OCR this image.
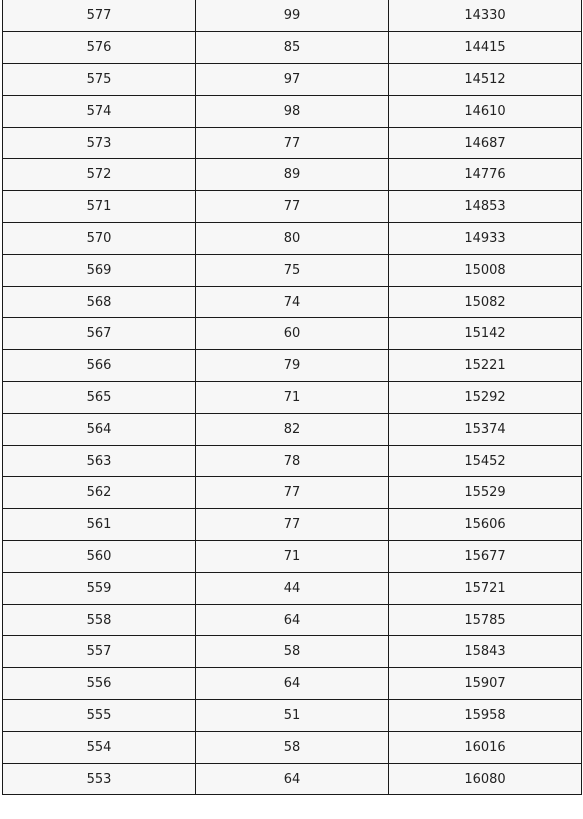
577	99	14330
576	85	14415
575	97	14512
574	98	14610
573	77	14687
572	89	14776
571	77	14853
570	80	14933
569	75	15008
568	74	15082
567	60	15142
566	79	15221
565	71	15292
564	82	15374
563	78	15452
562	77	15529
561	77	15606
560	71	15677
559	44	15721
558	64	15785
557	58	15843
556	64	15907
555	51	15958
554	58	16016
553	64	16080
